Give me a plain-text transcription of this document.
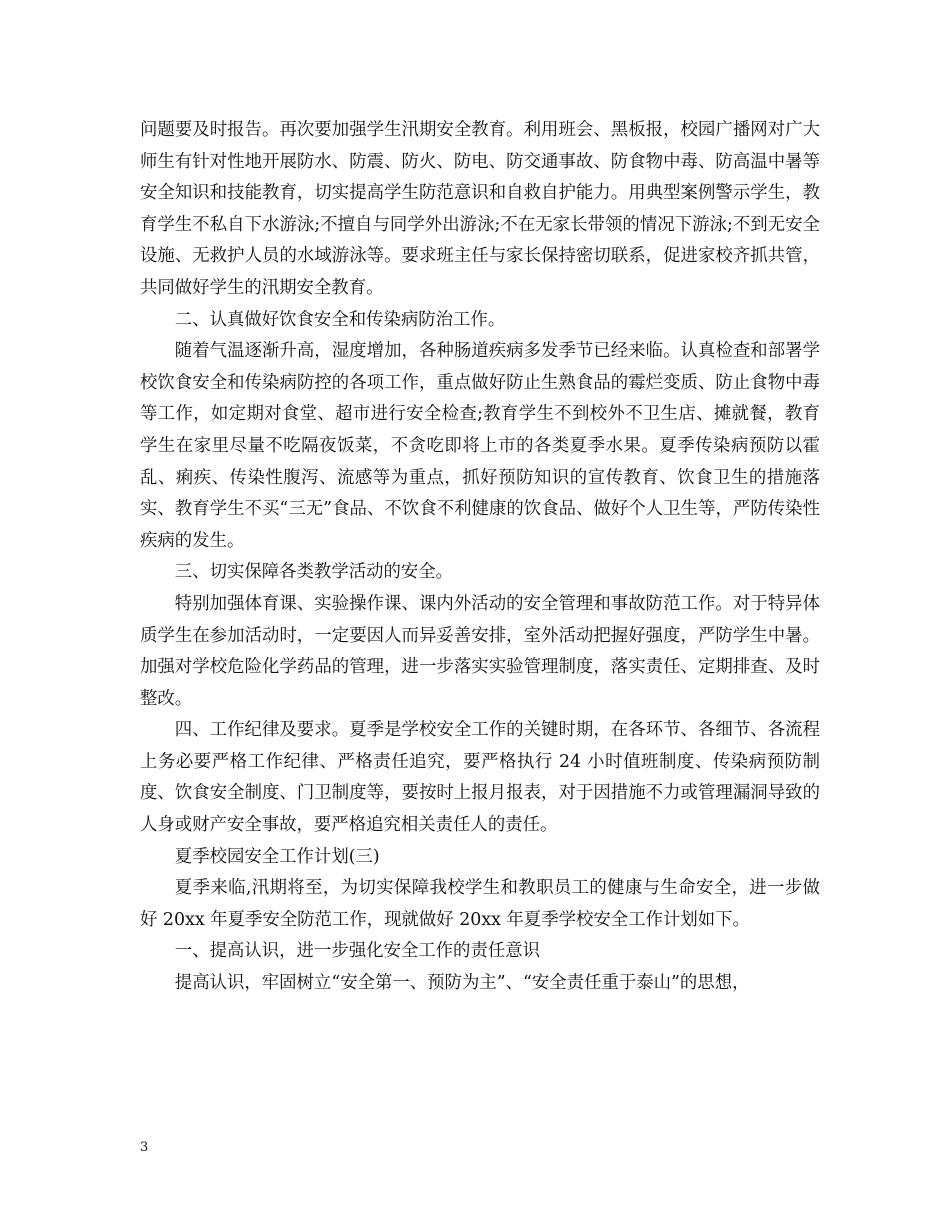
问题要及时报告。再次要加强学生汛期安全教育。利用班会、黑板报，校园广播网对广大师生有针对性地开展防水、防震、防火、防电、防交通事故、防食物中毒、防高温中暑等安全知识和技能教育，切实提高学生防范意识和自救自护能力。用典型案例警示学生，教育学生不私自下水游泳;不擅自与同学外出游泳;不在无家长带领的情况下游泳;不到无安全设施、无救护人员的水域游泳等。要求班主任与家长保持密切联系，促进家校齐抓共管，共同做好学生的汛期安全教育。

二、认真做好饮食安全和传染病防治工作。

随着气温逐渐升高，湿度增加，各种肠道疾病多发季节已经来临。认真检查和部署学校饮食安全和传染病防控的各项工作，重点做好防止生熟食品的霉烂变质、防止食物中毒等工作，如定期对食堂、超市进行安全检查;教育学生不到校外不卫生店、摊就餐，教育学生在家里尽量不吃隔夜饭菜，不贪吃即将上市的各类夏季水果。夏季传染病预防以霍乱、痢疾、传染性腹泻、流感等为重点，抓好预防知识的宣传教育、饮食卫生的措施落实、教育学生不买“三无”食品、不饮食不利健康的饮食品、做好个人卫生等，严防传染性疾病的发生。

三、切实保障各类教学活动的安全。

特别加强体育课、实验操作课、课内外活动的安全管理和事故防范工作。对于特异体质学生在参加活动时，一定要因人而异妥善安排，室外活动把握好强度，严防学生中暑。加强对学校危险化学药品的管理，进一步落实实验管理制度，落实责任、定期排查、及时整改。

四、工作纪律及要求。夏季是学校安全工作的关键时期，在各环节、各细节、各流程上务必要严格工作纪律、严格责任追究，要严格执行 24 小时值班制度、传染病预防制度、饮食安全制度、门卫制度等，要按时上报月报表，对于因措施不力或管理漏洞导致的人身或财产安全事故，要严格追究相关责任人的责任。

夏季校园安全工作计划(三)

夏季来临,汛期将至，为切实保障我校学生和教职员工的健康与生命安全，进一步做好 20xx 年夏季安全防范工作，现就做好 20xx 年夏季学校安全工作计划如下。

一、提高认识，进一步强化安全工作的责任意识

提高认识，牢固树立“安全第一、预防为主”、“安全责任重于泰山”的思想，

3
